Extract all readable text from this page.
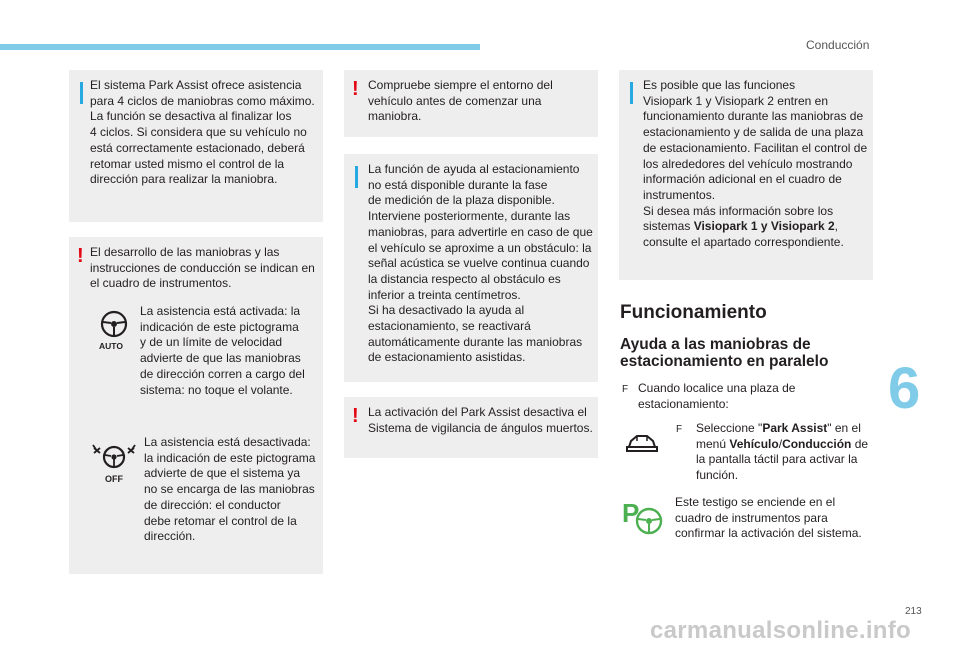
Conducción
El sistema Park Assist ofrece asistencia
para 4 ciclos de maniobras como máximo.
La función se desactiva al finalizar los
4 ciclos. Si considera que su vehículo no
está correctamente estacionado, deberá
retomar usted mismo el control de la
dirección para realizar la maniobra.
! El desarrollo de las maniobras y las
instrucciones de conducción se indican en
el cuadro de instrumentos.
AUTO
La asistencia está activada: la
indicación de este pictograma
y de un límite de velocidad
advierte de que las maniobras
de dirección corren a cargo del
sistema: no toque el volante.
OFF
La asistencia está desactivada:
la indicación de este pictograma
advierte de que el sistema ya
no se encarga de las maniobras
de dirección: el conductor
debe retomar el control de la
dirección.
! Compruebe siempre el entorno del
vehículo antes de comenzar una
maniobra.
La función de ayuda al estacionamiento
no está disponible durante la fase
de medición de la plaza disponible.
Interviene posteriormente, durante las
maniobras, para advertirle en caso de que
el vehículo se aproxime a un obstáculo: la
señal acústica se vuelve continua cuando
la distancia respecto al obstáculo es
inferior a treinta centímetros.
Si ha desactivado la ayuda al
estacionamiento, se reactivará
automáticamente durante las maniobras
de estacionamiento asistidas.
! La activación del Park Assist desactiva el
Sistema de vigilancia de ángulos muertos.
Es posible que las funciones
Visiopark 1 y Visiopark 2 entren en
funcionamiento durante las maniobras de
estacionamiento y de salida de una plaza
de estacionamiento. Facilitan el control de
los alrededores del vehículo mostrando
información adicional en el cuadro de
instrumentos.
Si desea más información sobre los
sistemas Visiopark 1 y Visiopark 2,
consulte el apartado correspondiente.
Funcionamiento
Ayuda a las maniobras de
estacionamiento en paralelo
F Cuando localice una plaza de
estacionamiento:
F Seleccione "Park Assist" en el
menú Vehículo/Conducción de
la pantalla táctil para activar la
función.
P	Este testigo se enciende en el
cuadro de instrumentos para
confirmar la activación del sistema.
6
213
carmanualsonline.info
